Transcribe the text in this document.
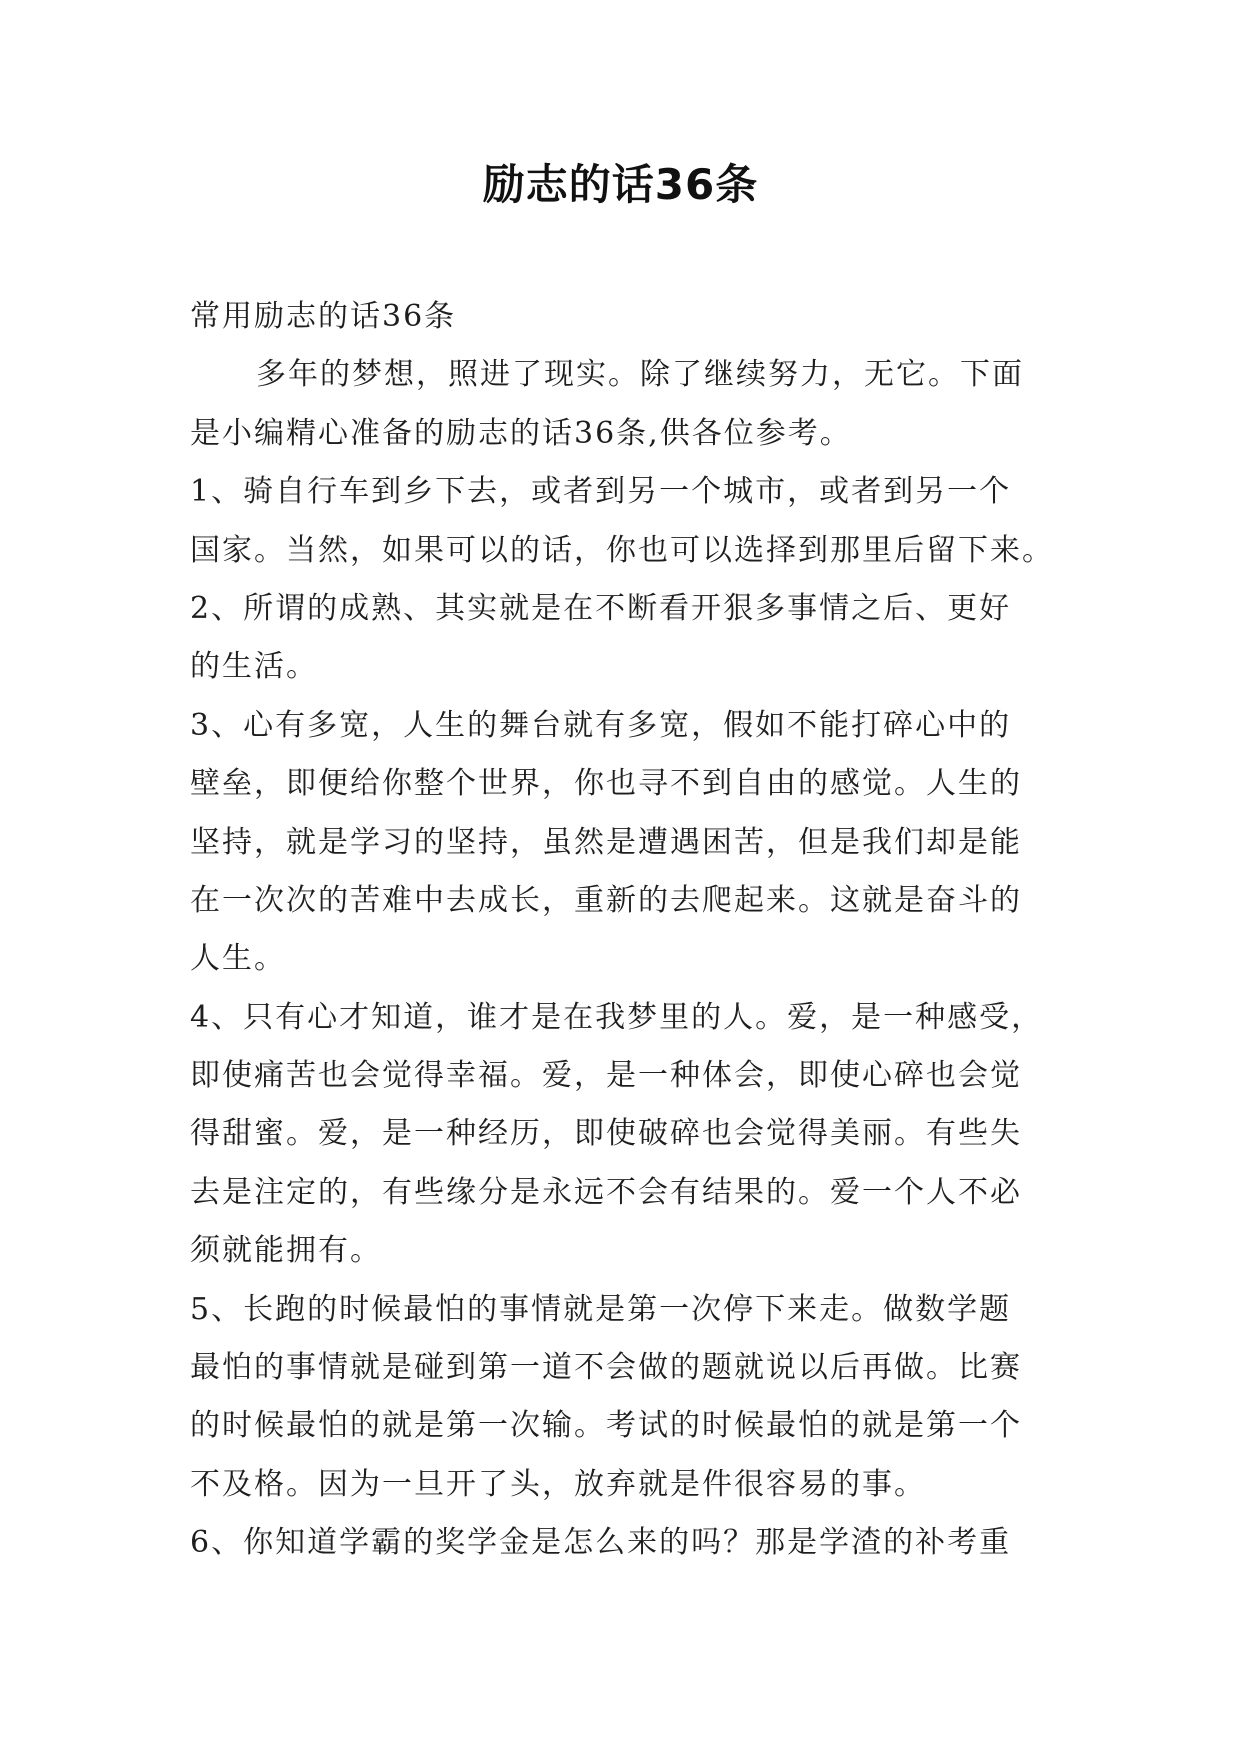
励志的话36条
常用励志的话36条
多年的梦想，照进了现实。除了继续努力，无它。下面
是小编精心准备的励志的话36条,供各位参考。
1、骑自行车到乡下去，或者到另一个城市，或者到另一个
国家。当然，如果可以的话，你也可以选择到那里后留下来。
2、所谓的成熟、其实就是在不断看开狠多事情之后、更好
的生活。
3、心有多宽，人生的舞台就有多宽，假如不能打碎心中的
壁垒，即便给你整个世界，你也寻不到自由的感觉。人生的
坚持，就是学习的坚持，虽然是遭遇困苦，但是我们却是能
在一次次的苦难中去成长，重新的去爬起来。这就是奋斗的
人生。
4、只有心才知道，谁才是在我梦里的人。爱，是一种感受，
即使痛苦也会觉得幸福。爱，是一种体会，即使心碎也会觉
得甜蜜。爱，是一种经历，即使破碎也会觉得美丽。有些失
去是注定的，有些缘分是永远不会有结果的。爱一个人不必
须就能拥有。
5、长跑的时候最怕的事情就是第一次停下来走。做数学题
最怕的事情就是碰到第一道不会做的题就说以后再做。比赛
的时候最怕的就是第一次输。考试的时候最怕的就是第一个
不及格。因为一旦开了头，放弃就是件很容易的事。
6、你知道学霸的奖学金是怎么来的吗？那是学渣的补考重
